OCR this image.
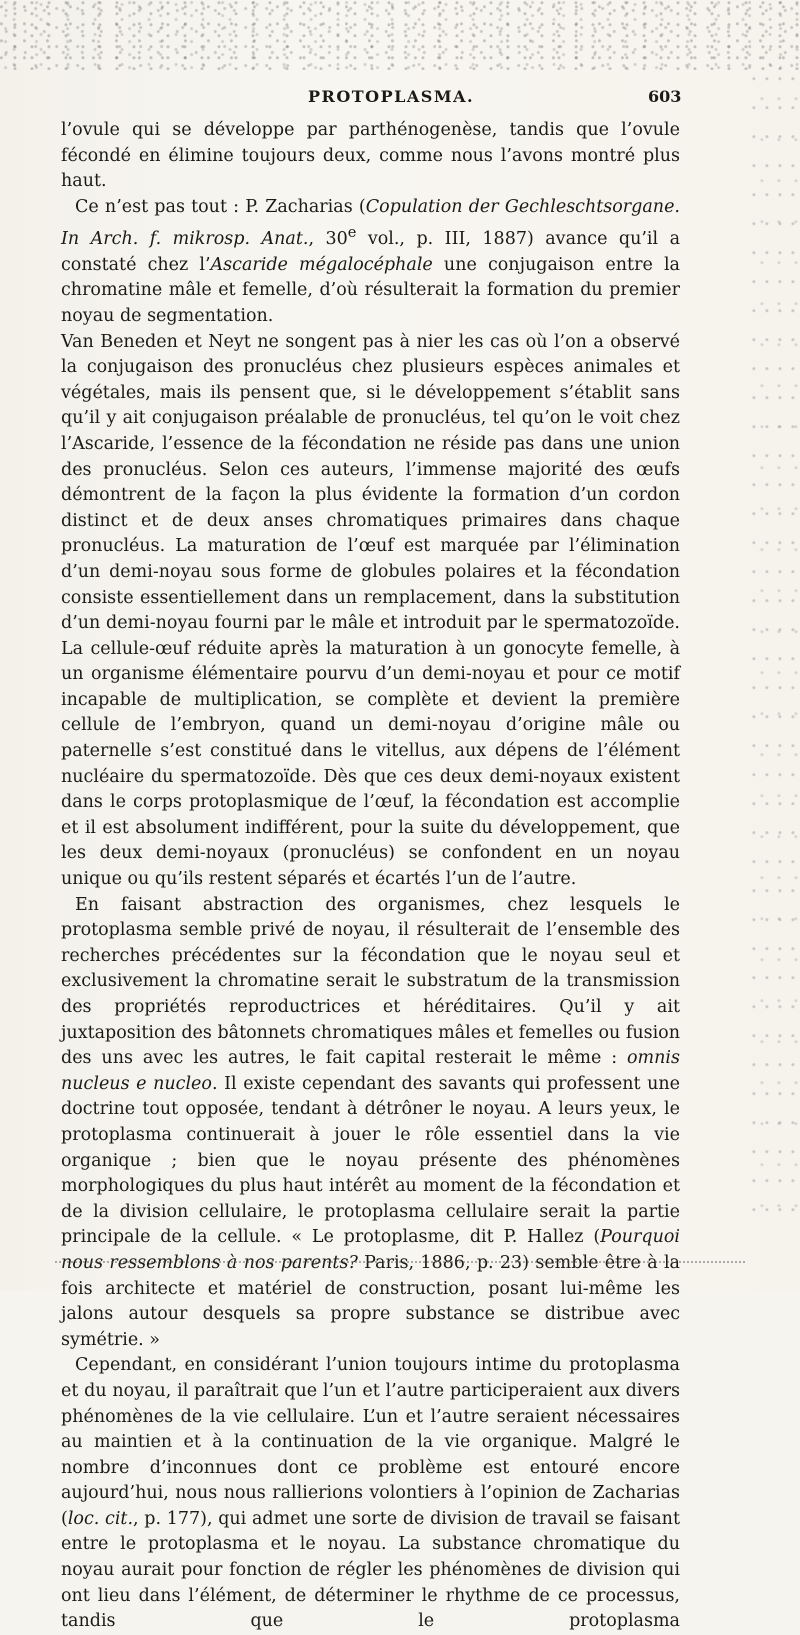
PROTOPLASMA.	603

l’ovule qui se développe par parthénogenèse, tandis que l’ovule fécondé en élimine toujours deux, comme nous l’avons montré plus haut.

Ce n’est pas tout : P. Zacharias (Copulation der Gechleschtsorgane. In Arch. f. mikrosp. Anat., 30e vol., p. III, 1887) avance qu’il a constaté chez l’Ascaride mégalocéphale une conjugaison entre la chromatine mâle et femelle, d’où résulterait la formation du premier noyau de segmentation.

Van Beneden et Neyt ne songent pas à nier les cas où l’on a observé la conjugaison des pronucléus chez plusieurs espèces animales et végétales, mais ils pensent que, si le développement s’établit sans qu’il y ait conjugaison préalable de pronucléus, tel qu’on le voit chez l’Ascaride, l’essence de la fécondation ne réside pas dans une union des pronucléus. Selon ces auteurs, l’immense majorité des œufs démontrent de la façon la plus évidente la formation d’un cordon distinct et de deux anses chromatiques primaires dans chaque pronucléus. La maturation de l’œuf est marquée par l’élimination d’un demi-noyau sous forme de globules polaires et la fécondation consiste essentiellement dans un remplacement, dans la substitution d’un demi-noyau fourni par le mâle et introduit par le spermatozoïde. La cellule-œuf réduite après la maturation à un gonocyte femelle, à un organisme élémentaire pourvu d’un demi-noyau et pour ce motif incapable de multiplication, se complète et devient la première cellule de l’embryon, quand un demi-noyau d’origine mâle ou paternelle s’est constitué dans le vitellus, aux dépens de l’élément nucléaire du spermatozoïde. Dès que ces deux demi-noyaux existent dans le corps protoplasmique de l’œuf, la fécondation est accomplie et il est absolument indifférent, pour la suite du développement, que les deux demi-noyaux (pronucléus) se confondent en un noyau unique ou qu’ils restent séparés et écartés l’un de l’autre.

En faisant abstraction des organismes, chez lesquels le protoplasma semble privé de noyau, il résulterait de l’ensemble des recherches précédentes sur la fécondation que le noyau seul et exclusivement la chromatine serait le substratum de la transmission des propriétés reproductrices et héréditaires. Qu’il y ait juxtaposition des bâtonnets chromatiques mâles et femelles ou fusion des uns avec les autres, le fait capital resterait le même : omnis nucleus e nucleo. Il existe cependant des savants qui professent une doctrine tout opposée, tendant à détrôner le noyau. A leurs yeux, le protoplasma continuerait à jouer le rôle essentiel dans la vie organique ; bien que le noyau présente des phénomènes morphologiques du plus haut intérêt au moment de la fécondation et de la division cellulaire, le protoplasma cellulaire serait la partie principale de la cellule. « Le protoplasme, dit P. Hallez (Pourquoi nous ressemblons à nos parents? Paris, 1886, p. 23) semble être à la fois architecte et matériel de construction, posant lui-même les jalons autour desquels sa propre substance se distribue avec symétrie. »

Cependant, en considérant l’union toujours intime du protoplasma et du noyau, il paraîtrait que l’un et l’autre participeraient aux divers phénomènes de la vie cellulaire. L’un et l’autre seraient nécessaires au maintien et à la continuation de la vie organique. Malgré le nombre d’inconnues dont ce problème est entouré encore aujourd’hui, nous nous rallierions volontiers à l’opinion de Zacharias (loc. cit., p. 177), qui admet une sorte de division de travail se faisant entre le protoplasma et le noyau. La substance chromatique du noyau aurait pour fonction de régler les phénomènes de division qui ont lieu dans l’élément, de déterminer le rhythme de ce processus, tandis que le protoplasma
